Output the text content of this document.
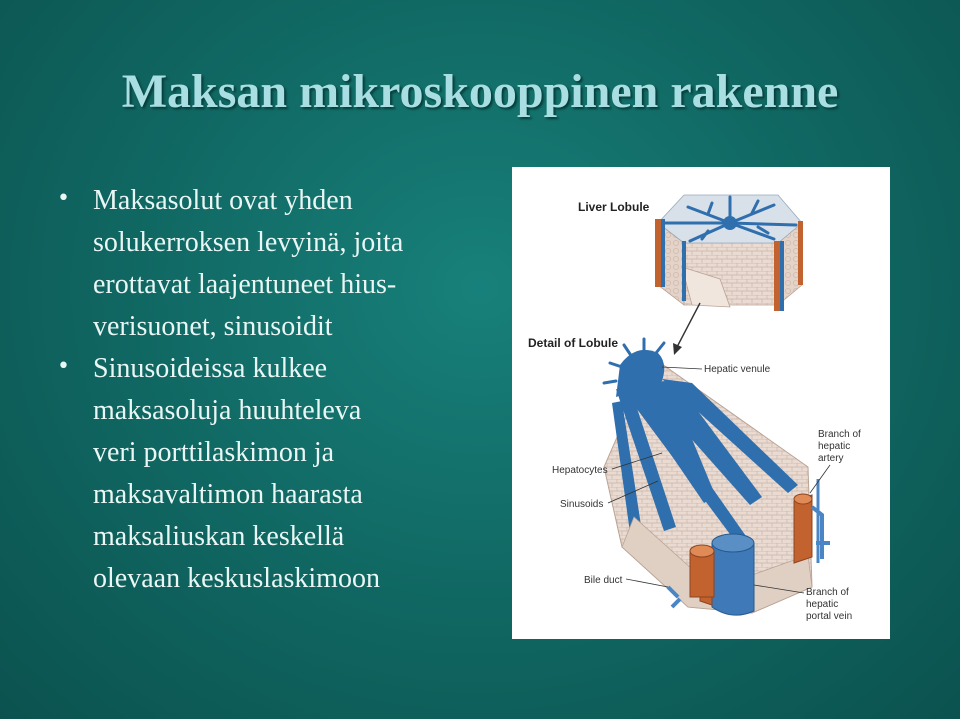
Maksan mikroskooppinen rakenne
• Maksasolut ovat yhden
solukerroksen levyinä, joita
erottavat laajentuneet hius-
verisuonet, sinusoidit
• Sinusoideissa kulkee
maksasoluja huuhteleva
veri porttilaskimon ja
maksavaltimon haarasta
maksaliuskan keskellä
olevaan keskuslaskimoon
Liver Lobule
Detail of Lobule
Hepatic venule
Branch of
hepatic
artery
Hepatocytes
Sinusoids
Bile duct
Branch of
hepatic
portal vein
